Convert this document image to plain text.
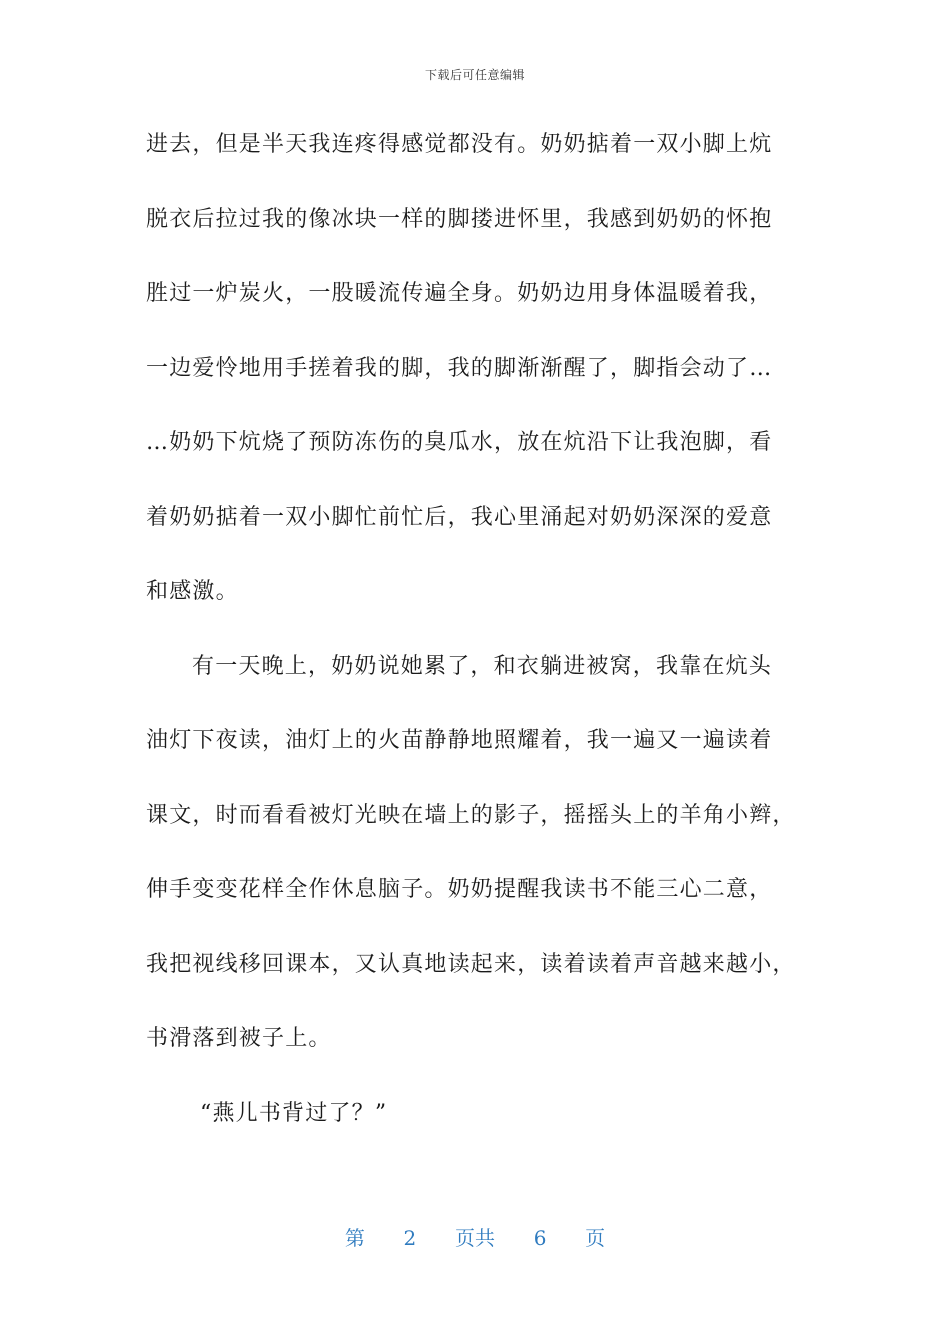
下载后可任意编辑
进去，但是半天我连疼得感觉都没有。奶奶掂着一双小脚上炕
脱衣后拉过我的像冰块一样的脚搂进怀里，我感到奶奶的怀抱
胜过一炉炭火，一股暖流传遍全身。奶奶边用身体温暖着我，
一边爱怜地用手搓着我的脚，我的脚渐渐醒了，脚指会动了…
…奶奶下炕烧了预防冻伤的臭瓜水，放在炕沿下让我泡脚，看
着奶奶掂着一双小脚忙前忙后，我心里涌起对奶奶深深的爱意
和感激。
有一天晚上，奶奶说她累了，和衣躺进被窝，我靠在炕头
油灯下夜读，油灯上的火苗静静地照耀着，我一遍又一遍读着
课文，时而看看被灯光映在墙上的影子，摇摇头上的羊角小辫，
伸手变变花样全作休息脑子。奶奶提醒我读书不能三心二意，
我把视线移回课本，又认真地读起来，读着读着声音越来越小，
书滑落到被子上。
“燕儿书背过了？”
第 2 页共 6 页
